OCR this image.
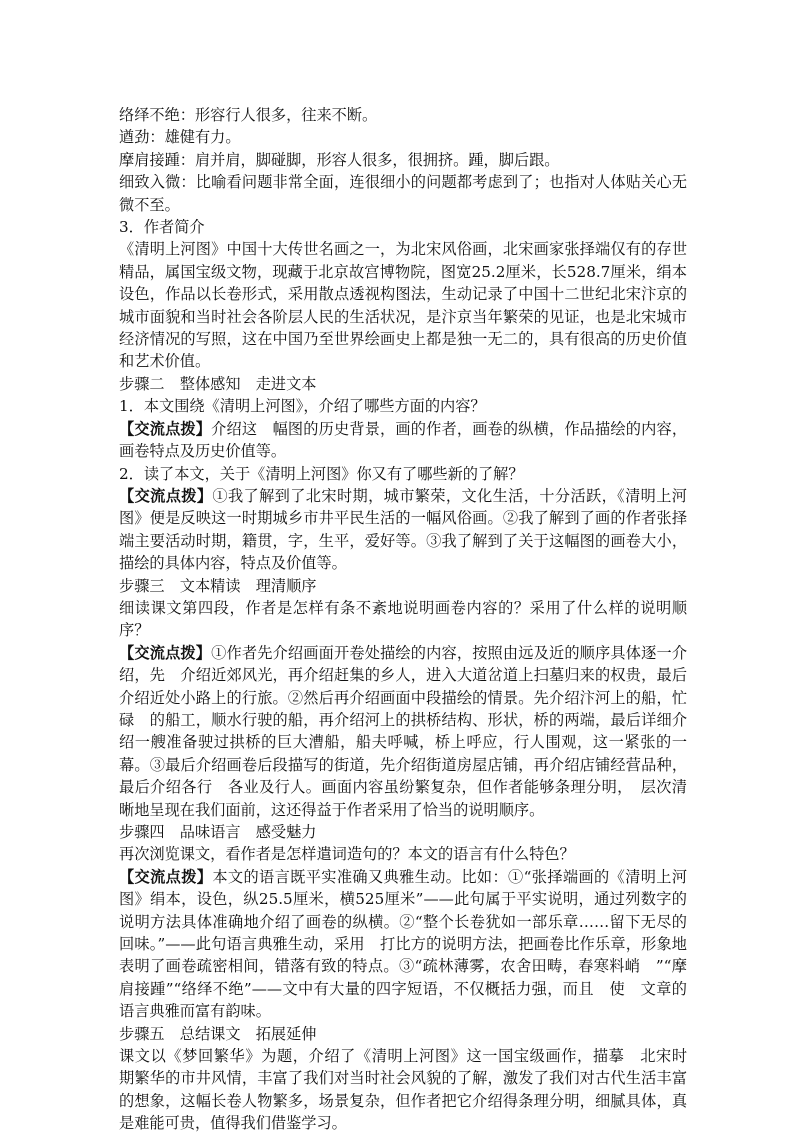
络绎不绝：形容行人很多，往来不断。

遒劲：雄健有力。

摩肩接踵：肩并肩，脚碰脚，形容人很多，很拥挤。踵，脚后跟。

细致入微：比喻看问题非常全面，连很细小的问题都考虑到了；也指对人体贴关心无微不至。

3．作者简介

《清明上河图》中国十大传世名画之一，为北宋风俗画，北宋画家张择端仅有的存世精品，属国宝级文物，现藏于北京故宫博物院，图宽25.2厘米，长528.7厘米，绢本设色，作品以长卷形式，采用散点透视构图法，生动记录了中国十二世纪北宋汴京的城市面貌和当时社会各阶层人民的生活状况，是汴京当年繁荣的见证，也是北宋城市经济情况的写照，这在中国乃至世界绘画史上都是独一无二的，具有很高的历史价值和艺术价值。

步骤二　整体感知　走进文本

1．本文围绕《清明上河图》，介绍了哪些方面的内容？

【交流点拨】介绍这　幅图的历史背景，画的作者，画卷的纵横，作品描绘的内容，画卷特点及历史价值等。

2．读了本文，关于《清明上河图》你又有了哪些新的了解？

【交流点拨】①我了解到了北宋时期，城市繁荣，文化生活，十分活跃，《清明上河图》便是反映这一时期城乡市井平民生活的一幅风俗画。②我了解到了画的作者张择端主要活动时期，籍贯，字，生平，爱好等。③我了解到了关于这幅图的画卷大小，描绘的具体内容，特点及价值等。

步骤三　文本精读　理清顺序

细读课文第四段，作者是怎样有条不紊地说明画卷内容的？采用了什么样的说明顺序？

【交流点拨】①作者先介绍画面开卷处描绘的内容，按照由远及近的顺序具体逐一介绍，先　介绍近郊风光，再介绍赶集的乡人，进入大道岔道上扫墓归来的权贵，最后介绍近处小路上的行旅。②然后再介绍画面中段描绘的情景。先介绍汴河上的船，忙碌　的船工，顺水行驶的船，再介绍河上的拱桥结构、形状，桥的两端，最后详细介绍一艘准备驶过拱桥的巨大漕船，船夫呼喊，桥上呼应，行人围观，这一紧张的一幕。③最后介绍画卷后段描写的街道，先介绍街道房屋店铺，再介绍店铺经营品种，最后介绍各行　各业及行人。画面内容虽纷繁复杂，但作者能够条理分明，　层次清晰地呈现在我们面前，这还得益于作者采用了恰当的说明顺序。

步骤四　品味语言　感受魅力

再次浏览课文，看作者是怎样遣词造句的？本文的语言有什么特色？

【交流点拨】本文的语言既平实准确又典雅生动。比如：①“张择端画的《清明上河图》绢本，设色，纵25.5厘米，横525厘米”——此句属于平实说明，通过列数字的说明方法具体准确地介绍了画卷的纵横。②“整个长卷犹如一部乐章……留下无尽的回味。”——此句语言典雅生动，采用　打比方的说明方法，把画卷比作乐章，形象地表明了画卷疏密相间，错落有致的特点。③“疏林薄雾，农舍田畴，春寒料峭　”“摩肩接踵”“络绎不绝”——文中有大量的四字短语，不仅概括力强，而且　使　文章的语言典雅而富有韵味。

步骤五　总结课文　拓展延伸

课文以《梦回繁华》为题，介绍了《清明上河图》这一国宝级画作，描摹　北宋时　期繁华的市井风情，丰富了我们对当时社会风貌的了解，激发了我们对古代生活丰富的想象，这幅长卷人物繁多，场景复杂，但作者把它介绍得条理分明，细腻具体，真是难能可贵，值得我们借鉴学习。
